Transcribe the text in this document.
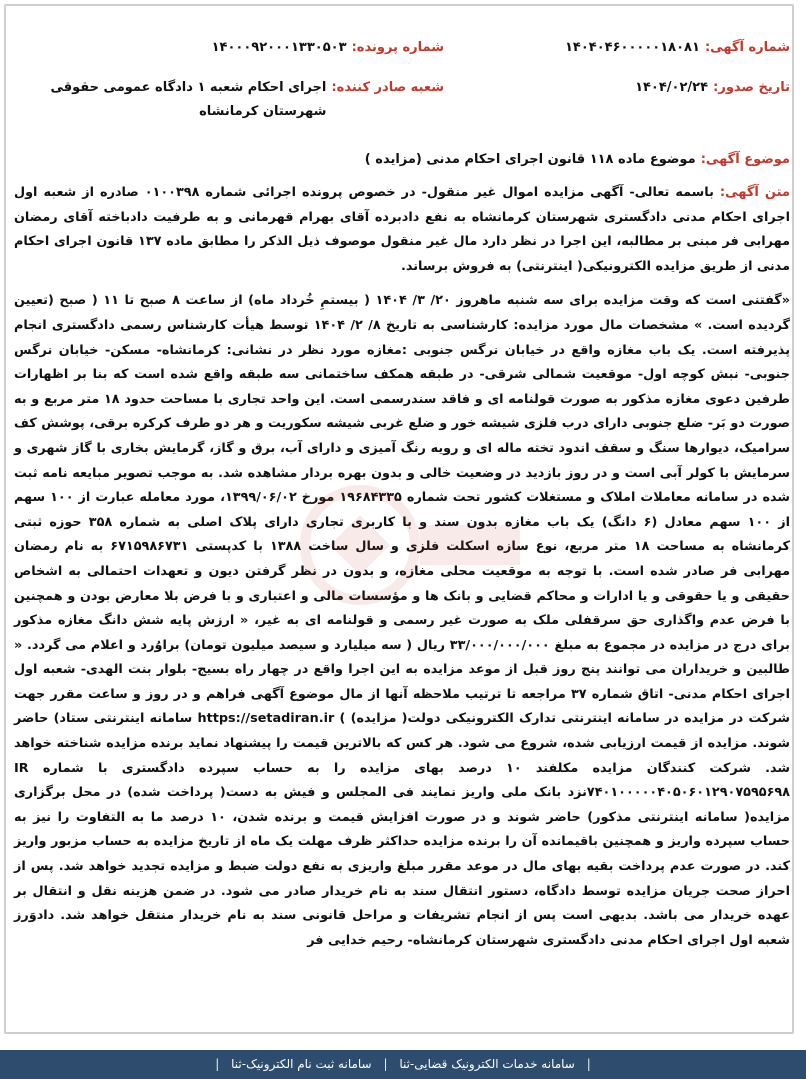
شماره آگهی: ۱۴۰۴۰۴۶۰۰۰۰۰۱۸۰۸۱
شماره پرونده: ۱۴۰۰۰۹۲۰۰۰۱۳۳۰۵۰۳
تاریخ صدور: ۱۴۰۴/۰۲/۲۴
شعبه صادر کننده: اجرای احکام شعبه ۱ دادگاه عمومی حقوقی شهرستان کرمانشاه
موضوع آگهی: موضوع ماده ۱۱۸ قانون اجرای احکام مدنی (مزایده )

متن آگهی: باسمه تعالی- آگهی مزایده اموال غیر منقول- در خصوص پرونده اجرائی شماره ۰۱۰۰۳۹۸ صادره از شعبه اول اجرای احکام مدنی دادگستری شهرستان کرمانشاه به نفع دادبرده آقای بهرام قهرمانی و به طرفیت دادباخته آقای رمضان مهرابی فر مبنی بر مطالبه، این اجرا در نظر دارد مال غیر منقول موصوف ذیل الذکر را مطابق ماده ۱۳۷ قانون اجرای احکام مدنی از طریق مزایده الکترونیکی( اینترنتی) به فروش برساند.

«گفتنی است که وقت مزایده برای سه شنبه ماهروز ۲۰/ ۳/ ۱۴۰۴ ( بیستمِ خُرداد ماه) از ساعت ۸ صبح تا ۱۱ ( صبح (تعیین گردیده است. » مشخصات مال مورد مزایده: کارشناسی به تاریخ ۸/ ۲/ ۱۴۰۴ توسط هیأت کارشناس رسمی دادگستری انجام پذیرفته است. یک باب مغازه واقع در خیابان نرگس جنوبی :مغازه مورد نظر در نشانی: کرمانشاه- مسکن- خیابان نرگس جنوبی- نبش کوچه اول- موقعیت شمالی شرقی- در طبقه همکف ساختمانی سه طبقه واقع شده است که بنا بر اظهارات طرفین دعوی مغازه مذکور به صورت قولنامه ای و فاقد سندرسمی است. این واحد تجاری با مساحت حدود ۱۸ متر مربع و به صورت دو بَر- ضلع جنوبی دارای درب فلزی شیشه خور و ضلع غربی شیشه سکوریت و هر دو طرف کرکره برقی، پوشش کف سرامیک، دیوارها سنگ و سقف اندود تخته ماله ای و رویه رنگ آمیزی و دارای آب، برق و گاز، گرمایش بخاری با گاز شهری و سرمایش با کولر آبی است و در روز بازدید در وضعیت خالی و بدون بهره بردار مشاهده شد. به موجب تصویر مبایعه نامه ثبت شده در سامانه معاملات املاک و مستغلات کشور تحت شماره ۱۹۶۸۴۳۳۵ مورخ ۱۳۹۹/۰۶/۰۲، مورد معامله عبارت از ۱۰۰ سهم از ۱۰۰ سهم معادل (۶ دانگ) یک باب مغازه بدون سند و با کاربری تجاری دارای پلاک اصلی به شماره ۳۵۸ حوزه ثبتی کرمانشاه به مساحت ۱۸ متر مربع، نوع سازه اسکلت فلزی و سال ساخت ۱۳۸۸ با کدپستی ۶۷۱۵۹۸۶۷۳۱ به نام رمضان مهرابی فر صادر شده است. با توجه به موقعیت محلی مغازه، و بدون در نظر گرفتن دیون و تعهدات احتمالی به اشخاص حقیقی و یا حقوقی و یا ادارات و محاکم قضایی و بانک ها و مؤسسات مالی و اعتباری و با فرض بلا معارض بودن و همچنین با فرض عدم واگذاری حق سرقفلی ملک به صورت غیر رسمی و قولنامه ای به غیر، « ارزش پایه شش دانگ مغازه مذکور برای درج در مزایده در مجموع به مبلغ ۳۳/۰۰۰/۰۰۰/۰۰۰ ریال ( سه میلیارد و سیصد میلیون تومان) براوُرد و اعلام می گردد. « طالبین و خریداران می توانند پنج روز قبل از موعد مزایده به این اجرا واقع در چهار راه بسیج- بلوار بنت الهدی- شعبه اول اجرای احکام مدنی- اتاق شماره ۳۷ مراجعه تا ترتیب ملاحظه آنها از مال موضوع آگهی فراهم و در روز و ساعت مقرر جهت شرکت در مزایده در سامانه اینترنتی تدارک الکترونیکی دولت( مزایده) ) https://setadiran.ir سامانه اینترنتی ستاد) حاضر شوند. مزایده از قیمت ارزیابی شده، شروع می شود. هر کس که بالاترین قیمت را پیشنهاد نماید برنده مزایده شناخته خواهد شد. شرکت کنندگان مزایده مکلفند ۱۰ درصد بهای مزایده را به حساب سپرده دادگستری با شماره IR ۷۴۰۱۰۰۰۰۰۴۰۵۰۶۰۱۲۹۰۷۵۹۵۶۹۸نزد بانک ملی واریز نمایند فی المجلس و فیش به دست( پرداخت شده) در محل برگزاری مزایده( سامانه اینترنتی مذکور) حاضر شوند و در صورت افزایش قیمت و برنده شدن، ۱۰ درصد ما به التفاوت را نیز به حساب سپرده واریز و همچنین باقیمانده آن را برنده مزایده حداکثر ظرف مهلت یک ماه از تاریخ مزایده به حساب مزبور واریز کند. در صورت عدم پرداخت بقیه بهای مال در موعد مقرر مبلغ واریزی به نفع دولت ضبط و مزایده تجدید خواهد شد. پس از احراز صحت جریان مزایده توسط دادگاه، دستور انتقال سند به نام خریدار صادر می شود. در ضمن هزینه نقل و انتقال بر عهده خریدار می باشد. بدیهی است پس از انجام تشریفات و مراحل قانونی سند به نام خریدار منتقل خواهد شد. دادوَرز شعبه اول اجرای احکام مدنی دادگستری شهرستان کرمانشاه- رحیم خدایی فر

| سامانه خدمات الکترونیک قضایی-ثنا | سامانه ثبت نام الکترونیک-ثنا |
